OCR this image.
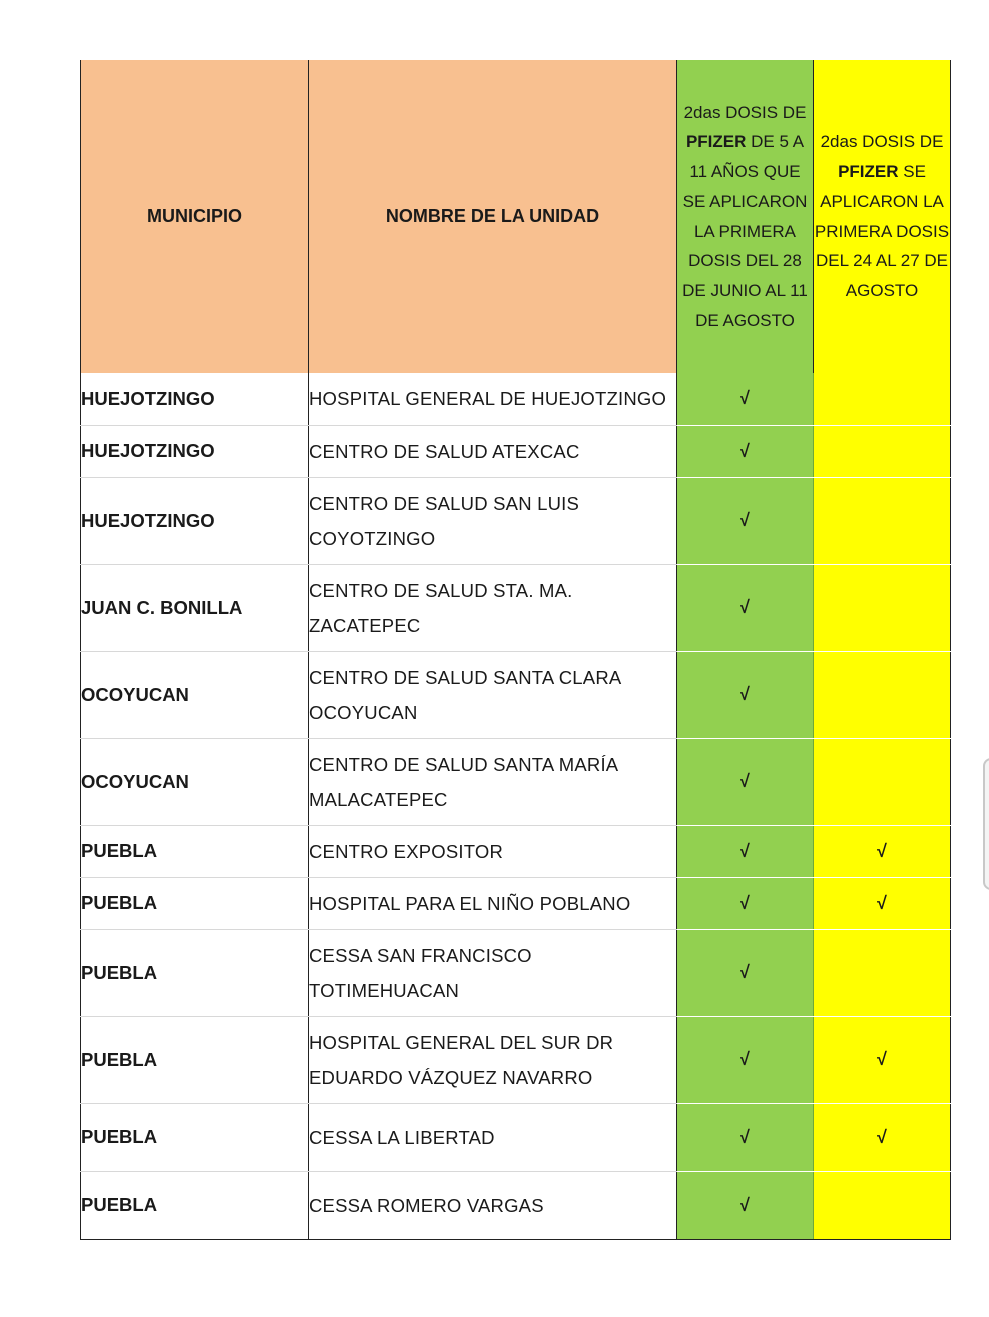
MUNICIPIO	NOMBRE DE LA UNIDAD	2das DOSIS DE PFIZER DE 5 A 11 AÑOS QUE SE APLICARON LA PRIMERA DOSIS DEL 28 DE JUNIO AL 11 DE AGOSTO	2das DOSIS DE PFIZER SE APLICARON LA PRIMERA DOSIS DEL 24 AL 27 DE AGOSTO
HUEJOTZINGO	HOSPITAL GENERAL DE HUEJOTZINGO	√	
HUEJOTZINGO	CENTRO DE SALUD ATEXCAC	√	
HUEJOTZINGO	CENTRO DE SALUD SAN LUIS COYOTZINGO	√	
JUAN C. BONILLA	CENTRO DE SALUD STA. MA. ZACATEPEC	√	
OCOYUCAN	CENTRO DE SALUD SANTA CLARA OCOYUCAN	√	
OCOYUCAN	CENTRO DE SALUD SANTA MARÍA MALACATEPEC	√	
PUEBLA	CENTRO EXPOSITOR	√	√
PUEBLA	HOSPITAL PARA EL NIÑO POBLANO	√	√
PUEBLA	CESSA SAN FRANCISCO TOTIMEHUACAN	√	
PUEBLA	HOSPITAL GENERAL DEL SUR DR EDUARDO VÁZQUEZ NAVARRO	√	√
PUEBLA	CESSA LA LIBERTAD	√	√
PUEBLA	CESSA ROMERO VARGAS	√	
